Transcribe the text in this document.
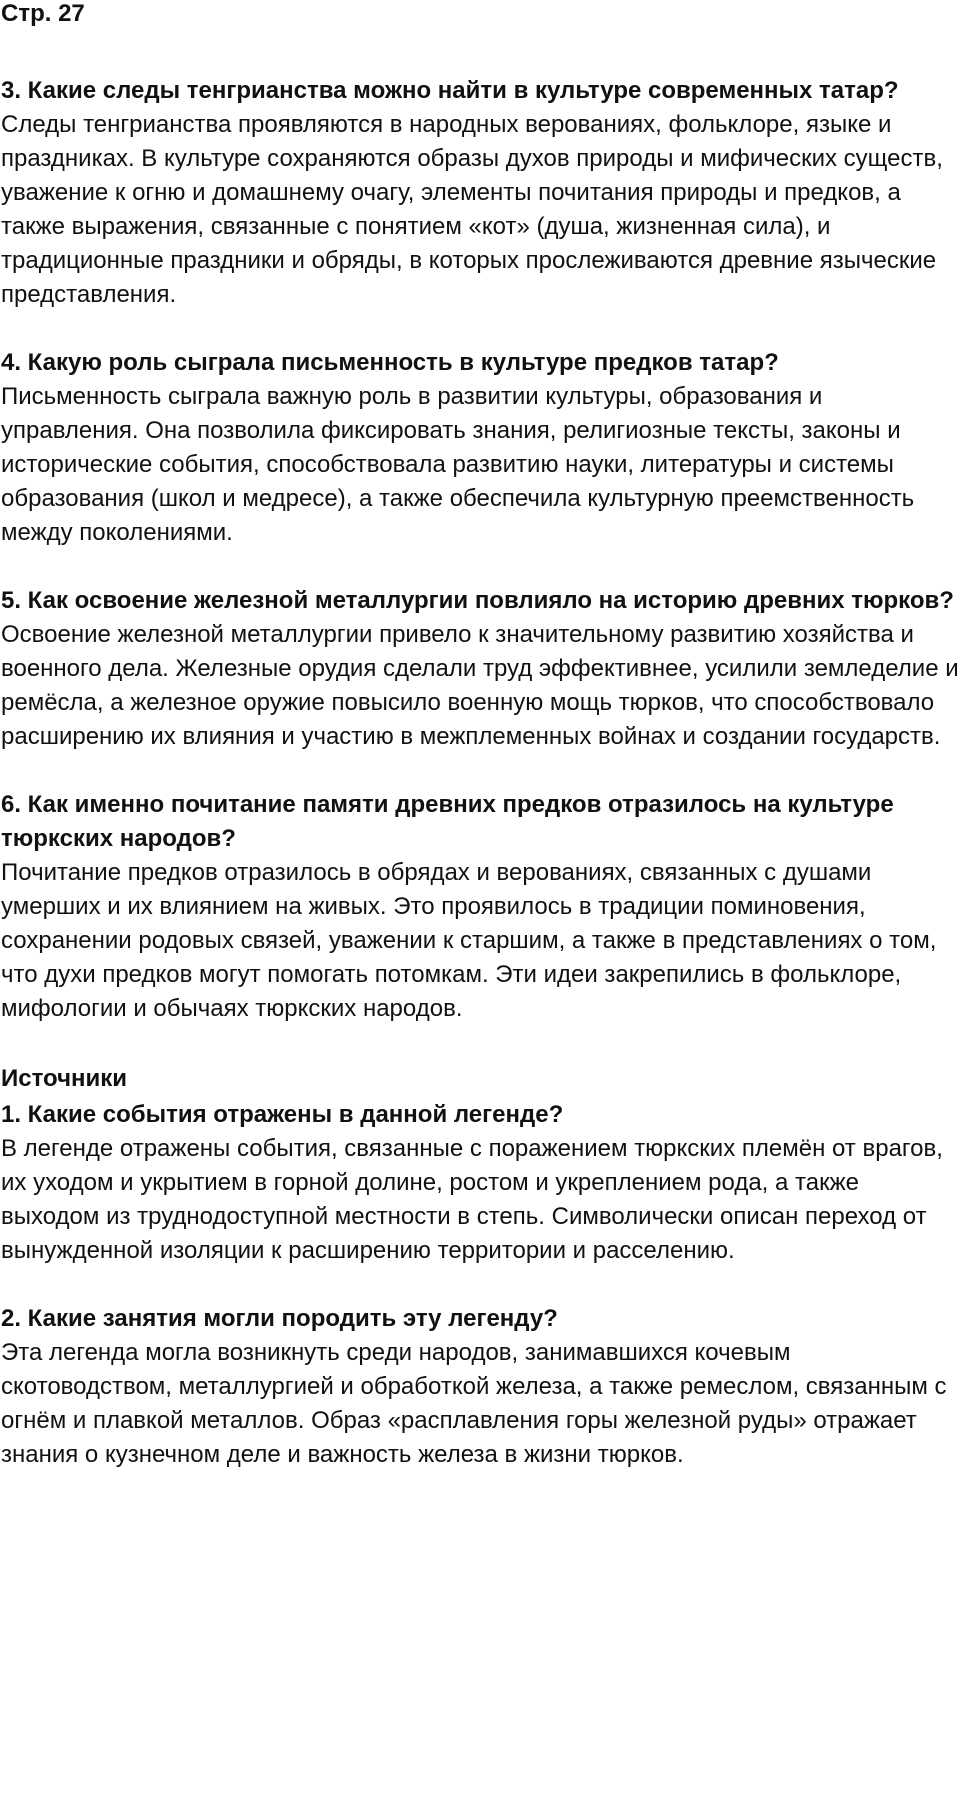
Стр. 27

3. Какие следы тенгрианства можно найти в культуре современных татар?

Следы тенгрианства проявляются в народных верованиях, фольклоре, языке и праздниках. В культуре сохраняются образы духов природы и мифических существ, уважение к огню и домашнему очагу, элементы почитания природы и предков, а также выражения, связанные с понятием «кот» (душа, жизненная сила), и традиционные праздники и обряды, в которых прослеживаются древние языческие представления.

4. Какую роль сыграла письменность в культуре предков татар?

Письменность сыграла важную роль в развитии культуры, образования и управления. Она позволила фиксировать знания, религиозные тексты, законы и исторические события, способствовала развитию науки, литературы и системы образования (школ и медресе), а также обеспечила культурную преемственность между поколениями.

5. Как освоение железной металлургии повлияло на историю древних тюрков?

Освоение железной металлургии привело к значительному развитию хозяйства и военного дела. Железные орудия сделали труд эффективнее, усилили земледелие и ремёсла, а железное оружие повысило военную мощь тюрков, что способствовало расширению их влияния и участию в межплеменных войнах и создании государств.

6. Как именно почитание памяти древних предков отразилось на культуре тюркских народов?

Почитание предков отразилось в обрядах и верованиях, связанных с душами умерших и их влиянием на живых. Это проявилось в традиции поминовения, сохранении родовых связей, уважении к старшим, а также в представлениях о том, что духи предков могут помогать потомкам. Эти идеи закрепились в фольклоре, мифологии и обычаях тюркских народов.

Источники

1. Какие события отражены в данной легенде?

В легенде отражены события, связанные с поражением тюркских племён от врагов, их уходом и укрытием в горной долине, ростом и укреплением рода, а также выходом из труднодоступной местности в степь. Символически описан переход от вынужденной изоляции к расширению территории и расселению.

2. Какие занятия могли породить эту легенду?

Эта легенда могла возникнуть среди народов, занимавшихся кочевым скотоводством, металлургией и обработкой железа, а также ремеслом, связанным с огнём и плавкой металлов. Образ «расплавления горы железной руды» отражает знания о кузнечном деле и важность железа в жизни тюрков.
